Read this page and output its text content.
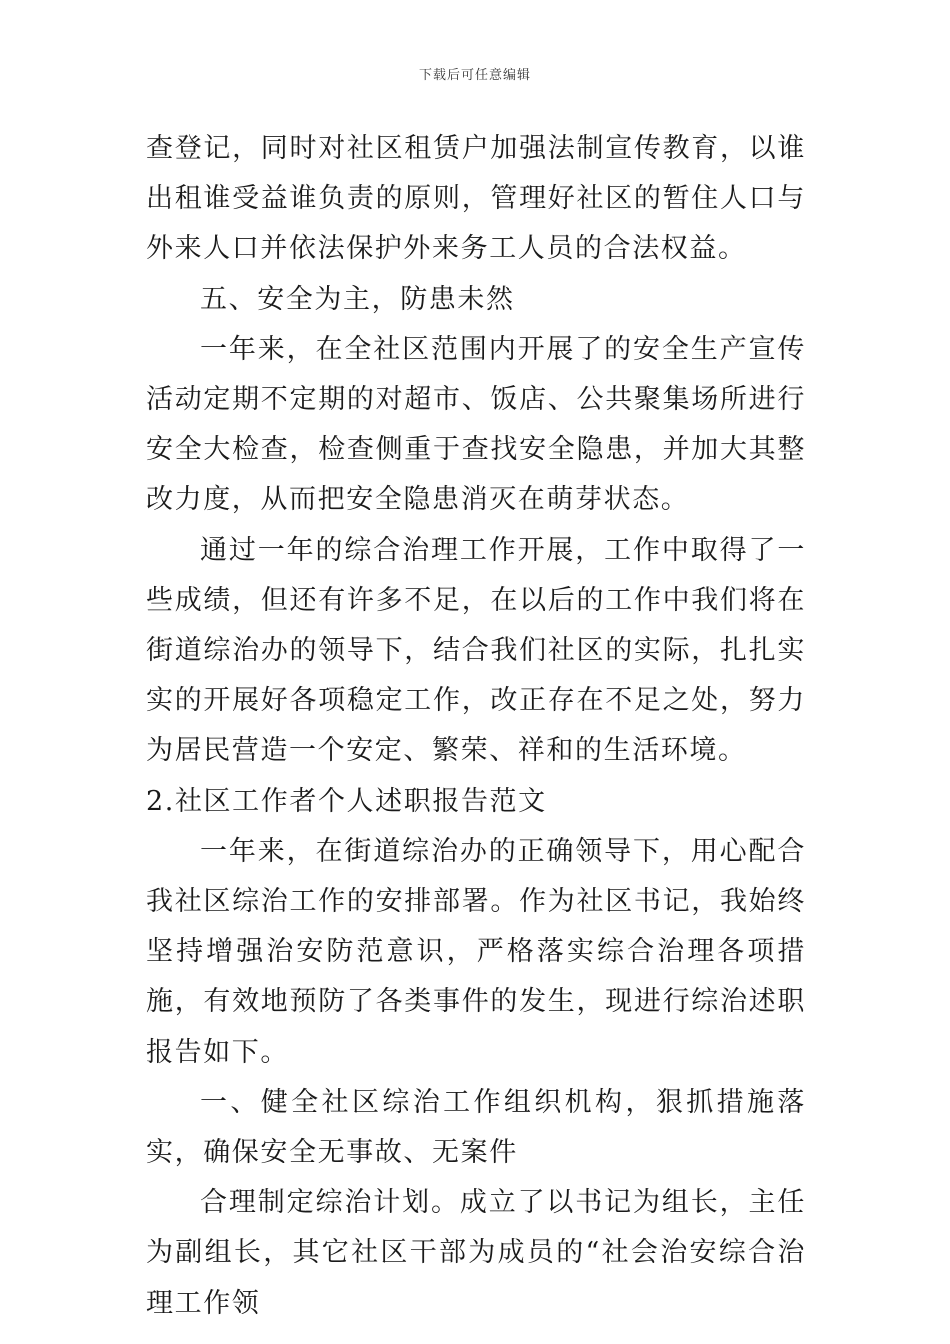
下载后可任意编辑

查登记，同时对社区租赁户加强法制宣传教育，以谁出租谁受益谁负责的原则，管理好社区的暂住人口与外来人口并依法保护外来务工人员的合法权益。

五、安全为主，防患未然

一年来，在全社区范围内开展了的安全生产宣传活动定期不定期的对超市、饭店、公共聚集场所进行安全大检查，检查侧重于查找安全隐患，并加大其整改力度，从而把安全隐患消灭在萌芽状态。

通过一年的综合治理工作开展，工作中取得了一些成绩，但还有许多不足，在以后的工作中我们将在街道综治办的领导下，结合我们社区的实际，扎扎实实的开展好各项稳定工作，改正存在不足之处，努力为居民营造一个安定、繁荣、祥和的生活环境。

2.社区工作者个人述职报告范文

一年来，在街道综治办的正确领导下，用心配合我社区综治工作的安排部署。作为社区书记，我始终坚持增强治安防范意识，严格落实综合治理各项措施，有效地预防了各类事件的发生，现进行综治述职报告如下。

一、健全社区综治工作组织机构，狠抓措施落实，确保安全无事故、无案件

合理制定综治计划。成立了以书记为组长，主任为副组长，其它社区干部为成员的“社会治安综合治理工作领
